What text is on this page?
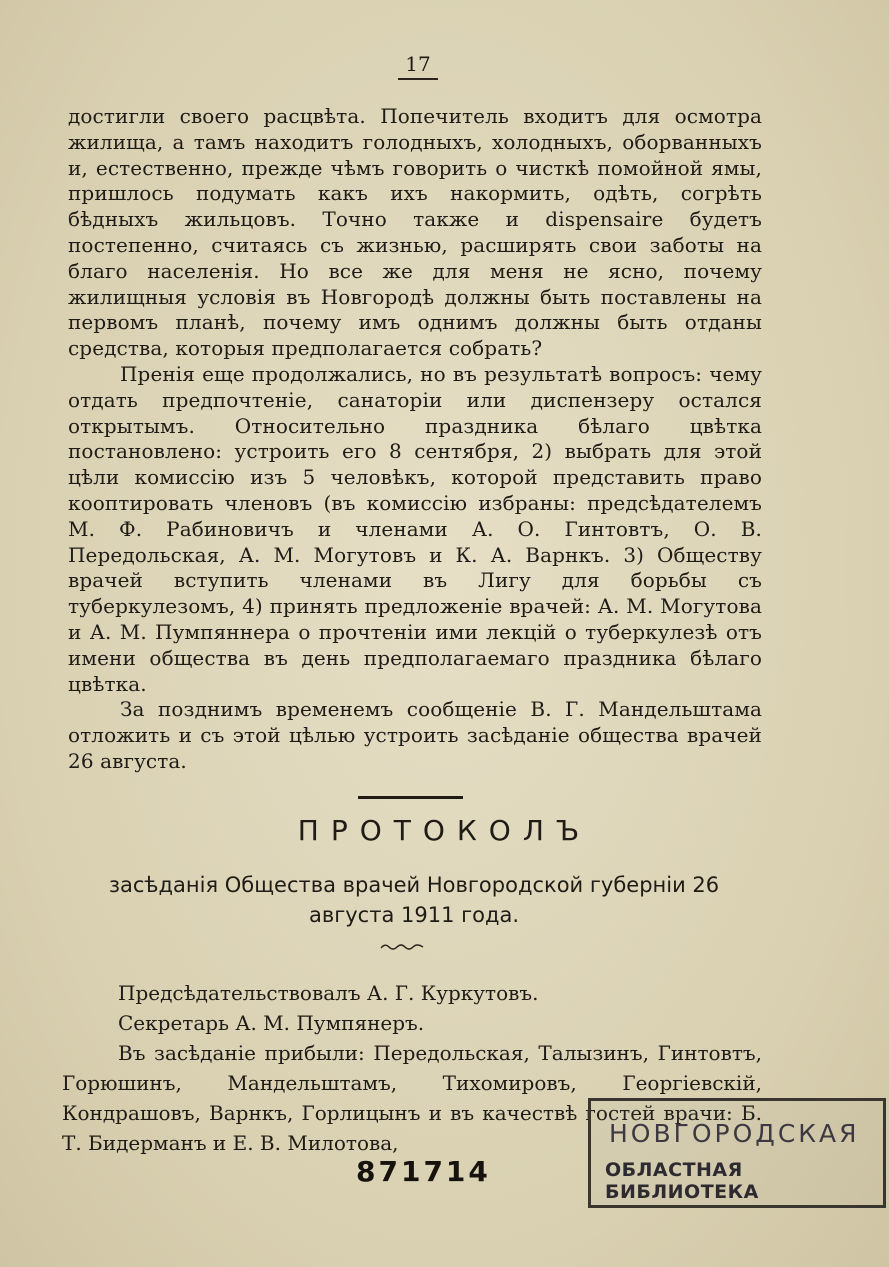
17

достигли своего расцвѣта. Попечитель входитъ для осмотра жилища, а тамъ находитъ голодныхъ, холодныхъ, оборванныхъ и, естественно, прежде чѣмъ говорить о чисткѣ помойной ямы, пришлось подумать какъ ихъ накормить, одѣть, согрѣть бѣдныхъ жильцовъ. Точно также и dispensaire будетъ постепенно, считаясь съ жизнью, расширять свои заботы на благо населенія. Но все же для меня не ясно, почему жилищныя условія въ Новгородѣ должны быть поставлены на первомъ планѣ, почему имъ однимъ должны быть отданы средства, которыя предполагается собрать?

Пренія еще продолжались, но въ результатѣ вопросъ: чему отдать предпочтеніе, санаторіи или диспензеру остался открытымъ. Относительно праздника бѣлаго цвѣтка постановлено: устроить его 8 сентября, 2) выбрать для этой цѣли комиссію изъ 5 человѣкъ, которой представить право кооптировать членовъ (въ комиссію избраны: предсѣдателемъ М. Ф. Рабиновичъ и членами А. О. Гинтовтъ, О. В. Передольская, А. М. Могутовъ и К. А. Варнкъ. 3) Обществу врачей вступить членами въ Лигу для борьбы съ туберкулезомъ, 4) принять предложеніе врачей: А. М. Могутова и А. М. Пумпяннера о прочтеніи ими лекцій о туберкулезѣ отъ имени общества въ день предполагаемаго праздника бѣлаго цвѣтка.

За позднимъ временемъ сообщеніе В. Г. Мандельштама отложить и съ этой цѣлью устроить засѣданіе общества врачей 26 августа.

ПРОТОКОЛЪ
засѣданія Общества врачей Новгородской губерніи 26 августа 1911 года.

Предсѣдательствовалъ А. Г. Куркутовъ.

Секретарь А. М. Пумпянеръ.

Въ засѣданіе прибыли: Передольская, Талызинъ, Гинтовтъ, Горюшинъ, Мандельштамъ, Тихомировъ, Георгіевскій, Кондрашовъ, Варнкъ, Горлицынъ и въ качествѣ гостей врачи: Б. Т. Бидерманъ и Е. В. Милотова,	НОВГОРОДСКАЯ
ОБЛАСТНАЯ БИБЛИОТЕКА
871714
